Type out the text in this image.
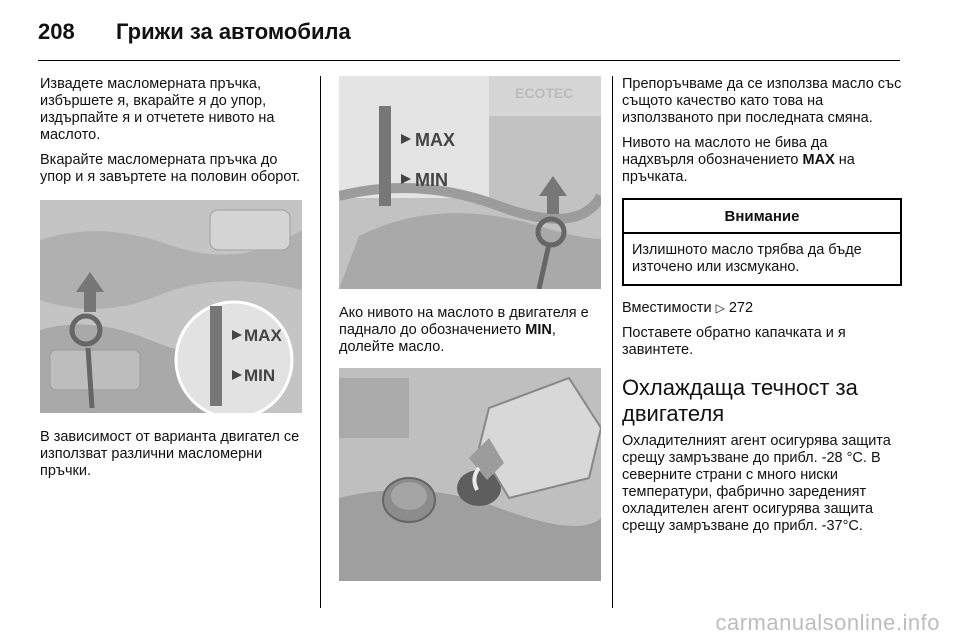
208	Грижи за автомобила

Извадете масломерната пръчка, избършете я, вкарайте я до упор, издърпайте я и отчетете нивото на маслото.

Вкарайте масломерната пръчка до упор и я завъртете на половин оборот.

MAX
MIN

В зависимост от варианта двигател се използват различни масломерни пръчки.

ECOTEC
MAX
MIN

Ако нивото на маслото в двигателя е паднало до обозначението MIN, долейте масло.

Препоръчваме да се използва масло със същото качество като това на използваното при последната смяна.

Нивото на маслото не бива да надхвърля обозначението MAX на пръчката.

Внимание
Излишното масло трябва да бъде източено или изсмукано.

Вместимости ▷ 272

Поставете обратно капачката и я завинтете.

Охлаждаща течност за двигателя

Охладителният агент осигурява защита срещу замръзване до прибл. -28 °C. В северните страни с много ниски температури, фабрично зареденият охладителен агент осигурява защита срещу замръзване до прибл. -37°C.

carmanualsonline.info
